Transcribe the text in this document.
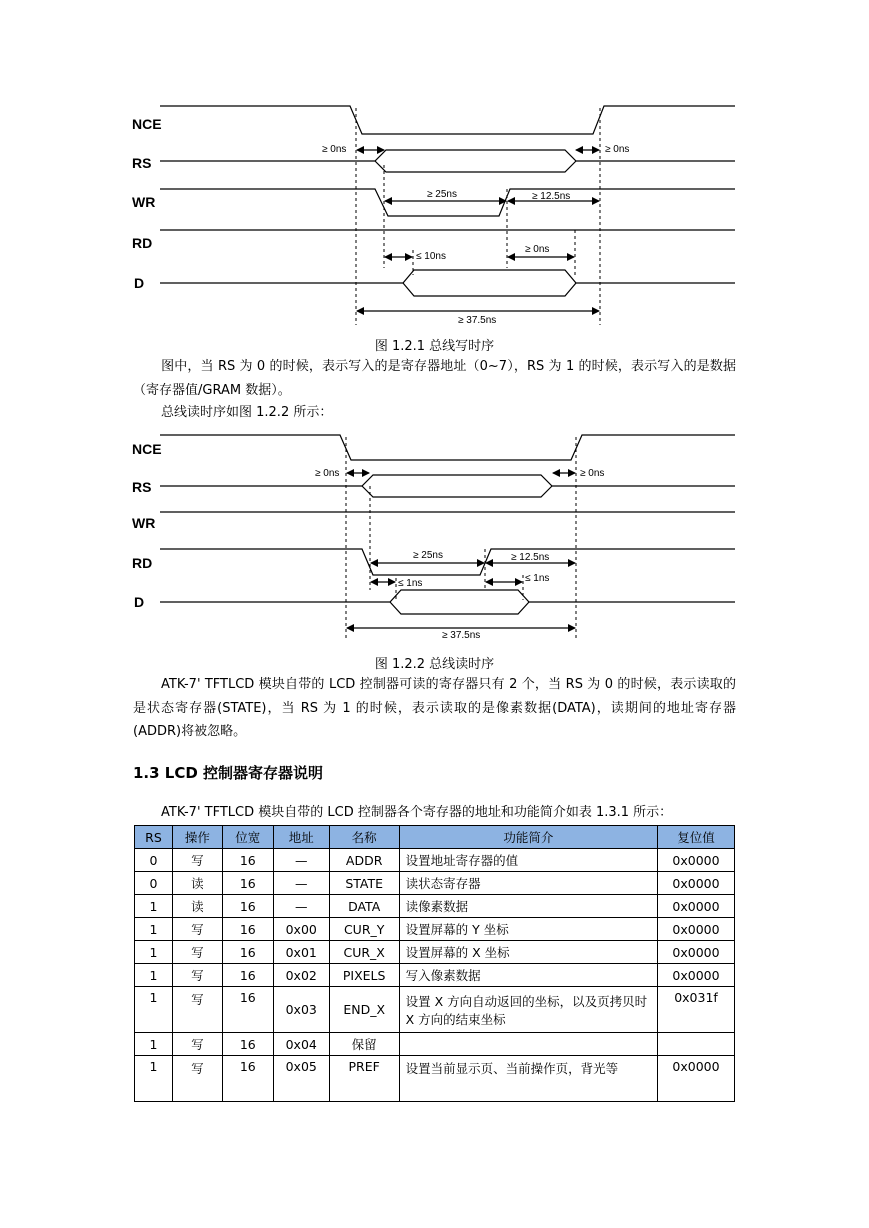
NCE
RS
WR
RD
D
≥ 0ns	≥ 0ns
≥ 25ns	≥ 12.5ns
≤ 10ns
≥ 0ns
≥ 37.5ns
图 1.2.1 总线写时序
图中，当 RS 为 0 的时候，表示写入的是寄存器地址（0~7），RS 为 1 的时候，表示写入的是数据（寄存器值/GRAM 数据）。
总线读时序如图 1.2.2 所示：
NCE
RS
WR
RD
D
≥ 0ns	≥ 0ns
≥ 25ns	≥ 12.5ns
≤ 1ns	≤ 1ns
≥ 37.5ns
图 1.2.2 总线读时序
ATK-7' TFTLCD 模块自带的 LCD 控制器可读的寄存器只有 2 个，当 RS 为 0 的时候，表示读取的是状态寄存器(STATE)，当 RS 为 1 的时候，表示读取的是像素数据(DATA)，读期间的地址寄存器(ADDR)将被忽略。
1.3 LCD 控制器寄存器说明
ATK-7' TFTLCD 模块自带的 LCD 控制器各个寄存器的地址和功能简介如表 1.3.1 所示：
RS	操作	位宽	地址	名称	功能简介	复位值
0	写	16	—	ADDR	设置地址寄存器的值	0x0000
0	读	16	—	STATE	读状态寄存器	0x0000
1	读	16	—	DATA	读像素数据	0x0000
1	写	16	0x00	CUR_Y	设置屏幕的 Y 坐标	0x0000
1	写	16	0x01	CUR_X	设置屏幕的 X 坐标	0x0000
1	写	16	0x02	PIXELS	写入像素数据	0x0000
1	写	16	0x03	END_X	设置 X 方向自动返回的坐标，以及页拷贝时 X 方向的结束坐标	0x031f
1	写	16	0x04	保留		
1	写	16	0x05	PREF	设置当前显示页、当前操作页，背光等	0x0000
